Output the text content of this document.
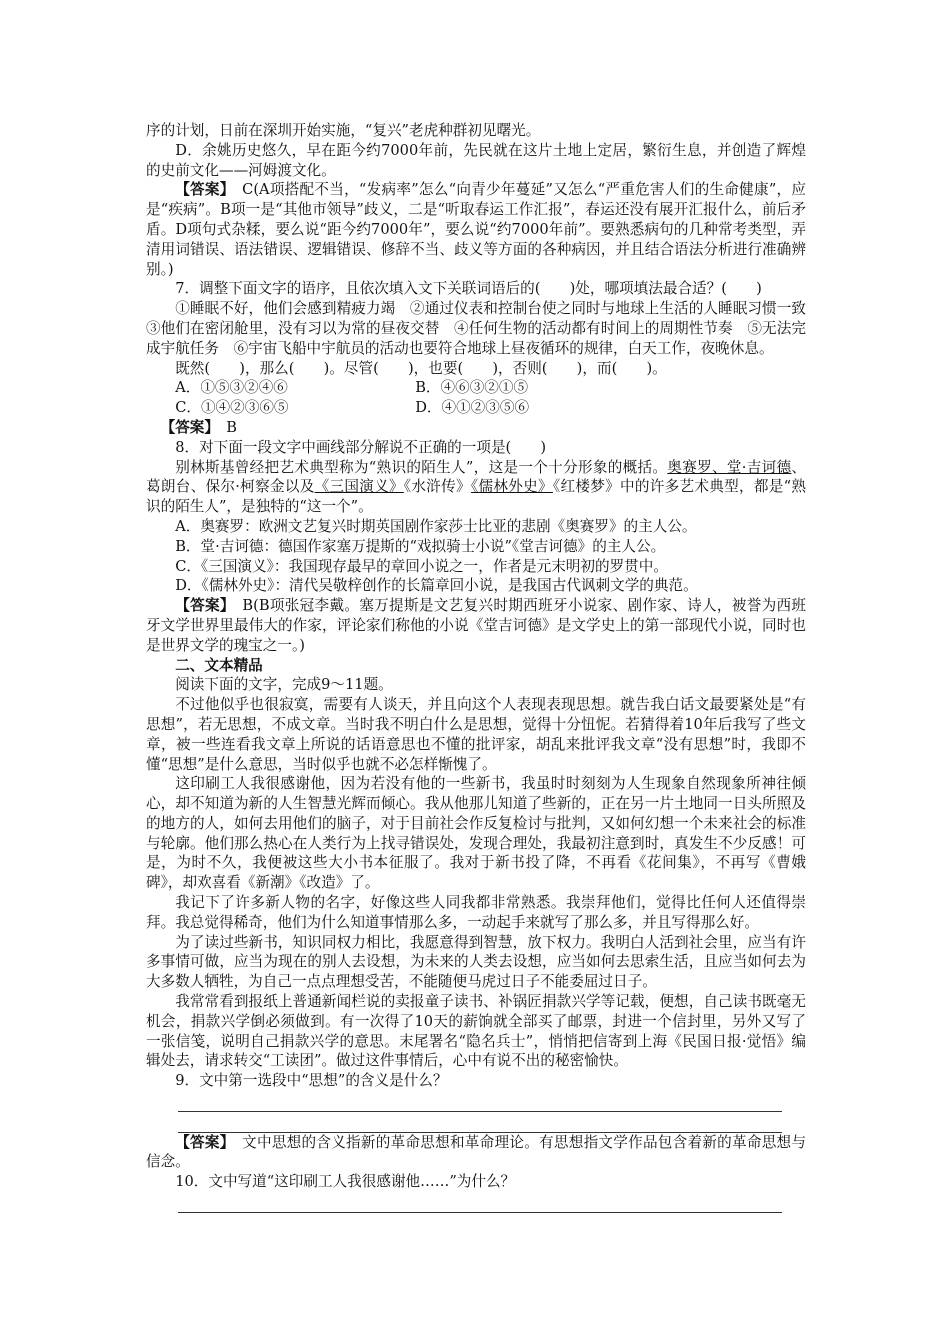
序的计划，日前在深圳开始实施，“复兴”老虎种群初见曙光。

D．余姚历史悠久，早在距今约7000年前，先民就在这片土地上定居，繁衍生息，并创造了辉煌的史前文化——河姆渡文化。

【答案】　C(A项搭配不当，“发病率”怎么“向青少年蔓延”又怎么“严重危害人们的生命健康”，应是“疾病”。B项一是“其他市领导”歧义，二是“听取春运工作汇报”，春运还没有展开汇报什么，前后矛盾。D项句式杂糅，要么说“距今约7000年”，要么说“约7000年前”。要熟悉病句的几种常考类型，弄清用词错误、语法错误、逻辑错误、修辞不当、歧义等方面的各种病因，并且结合语法分析进行准确辨别。)

7．调整下面文字的语序，且依次填入文下关联词语后的(　　)处，哪项填法最合适？(　　)

①睡眠不好，他们会感到精疲力竭　②通过仪表和控制台使之同时与地球上生活的人睡眠习惯一致　③他们在密闭舱里，没有习以为常的昼夜交替　④任何生物的活动都有时间上的周期性节奏　⑤无法完成宇航任务　⑥宇宙飞船中宇航员的活动也要符合地球上昼夜循环的规律，白天工作，夜晚休息。

既然(　　)，那么(　　)。尽管(　　)，也要(　　)，否则(　　)，而(　　)。

A．①⑤③②④⑥	B．④⑥③②①⑤
C．①④②③⑥⑤	D．④①②③⑤⑥

【答案】　B

8．对下面一段文字中画线部分解说不正确的一项是(　　)

别林斯基曾经把艺术典型称为“熟识的陌生人”，这是一个十分形象的概括。奥赛罗、堂·吉诃德、葛朗台、保尔·柯察金以及《三国演义》《水浒传》《儒林外史》《红楼梦》中的许多艺术典型，都是“熟识的陌生人”，是独特的“这一个”。

A．奥赛罗：欧洲文艺复兴时期英国剧作家莎士比亚的悲剧《奥赛罗》的主人公。

B．堂·吉诃德：德国作家塞万提斯的“戏拟骑士小说”《堂吉诃德》的主人公。

C．《三国演义》：我国现存最早的章回小说之一，作者是元末明初的罗贯中。

D．《儒林外史》：清代吴敬梓创作的长篇章回小说，是我国古代讽刺文学的典范。

【答案】　B(B项张冠李戴。塞万提斯是文艺复兴时期西班牙小说家、剧作家、诗人，被誉为西班牙文学世界里最伟大的作家，评论家们称他的小说《堂吉诃德》是文学史上的第一部现代小说，同时也是世界文学的瑰宝之一。)

二、文本精品

阅读下面的文字，完成9～11题。

不过他似乎也很寂寞，需要有人谈天，并且向这个人表现表现思想。就告我白话文最要紧处是“有思想”，若无思想，不成文章。当时我不明白什么是思想，觉得十分忸怩。若猜得着10年后我写了些文章，被一些连看我文章上所说的话语意思也不懂的批评家，胡乱来批评我文章“没有思想”时，我即不懂“思想”是什么意思，当时似乎也就不必怎样惭愧了。

这印刷工人我很感谢他，因为若没有他的一些新书，我虽时时刻刻为人生现象自然现象所神往倾心，却不知道为新的人生智慧光辉而倾心。我从他那儿知道了些新的，正在另一片土地同一日头所照及的地方的人，如何去用他们的脑子，对于目前社会作反复检讨与批判，又如何幻想一个未来社会的标准与轮廓。他们那么热心在人类行为上找寻错误处，发现合理处，我最初注意到时，真发生不少反感！可是，为时不久，我便被这些大小书本征服了。我对于新书投了降，不再看《花间集》，不再写《曹娥碑》，却欢喜看《新潮》《改造》了。

我记下了许多新人物的名字，好像这些人同我都非常熟悉。我崇拜他们，觉得比任何人还值得崇拜。我总觉得稀奇，他们为什么知道事情那么多，一动起手来就写了那么多，并且写得那么好。

为了读过些新书，知识同权力相比，我愿意得到智慧，放下权力。我明白人活到社会里，应当有许多事情可做，应当为现在的别人去设想，为未来的人类去设想，应当如何去思索生活，且应当如何去为大多数人牺牲，为自己一点点理想受苦，不能随便马虎过日子不能委屈过日子。

我常常看到报纸上普通新闻栏说的卖报童子读书、补锅匠捐款兴学等记载，便想，自己读书既毫无机会，捐款兴学倒必须做到。有一次得了10天的薪饷就全部买了邮票，封进一个信封里，另外又写了一张信笺，说明自己捐款兴学的意思。末尾署名“隐名兵士”，悄悄把信寄到上海《民国日报·觉悟》编辑处去，请求转交“工读团”。做过这件事情后，心中有说不出的秘密愉快。

9．文中第一选段中“思想”的含义是什么？

【答案】　文中思想的含义指新的革命思想和革命理论。有思想指文学作品包含着新的革命思想与信念。

10．文中写道“这印刷工人我很感谢他……”为什么？
